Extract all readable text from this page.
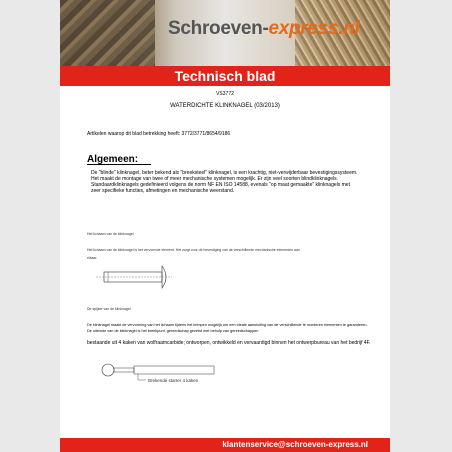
Schroeven-express.nl
Technisch blad
VS3772
WATERDICHTE KLINKNAGEL (03/2013)
Artikelen waarop dit blad betrekking heeft: 3772/3771/8654/9186
Algemeen:
De "blinde" klinknagel, beter bekend als "breekstеel" klinknagel, is een krachtig, niet-verwijderbaar bevestigingssysteem. Het maakt de montage van twee of meer mechanische systemen mogelijk. Er zijn veel soorten blindklinknagels. Standaardklinknagels gedefinieerd volgens de norm NF EN ISO 14588, evenals "op maat gemaakte" klinknagels met zeer specifieke functies, afmetingen en mechanische weerstand.
Het lichaam van de klinknagel
Het lichaam van de klinknagel is het vervormde element. Het zorgt voor de bevestiging van de verschillende mechanische elementen aan
elkaar.
De spijker van de klinknagel
De klinknagel maakt de vervorming van het lichaam tijdens het krimpen mogelijk om een ideale aansluiting van de verschillende te monteren elementen te garanderen. De uiteinde van de klinknagel is het breekpunt, gereedschap gezetst met behulp van gereedschappen
bestaande uit 4 kaken van wolfraamcarbide; ontworpen, ontwikkeld en vervaardigd binnen het ontwerpbureau van het bedrijf 4F.
Brekende starter 4 kaken
klantenservice@schroeven-express.nl
